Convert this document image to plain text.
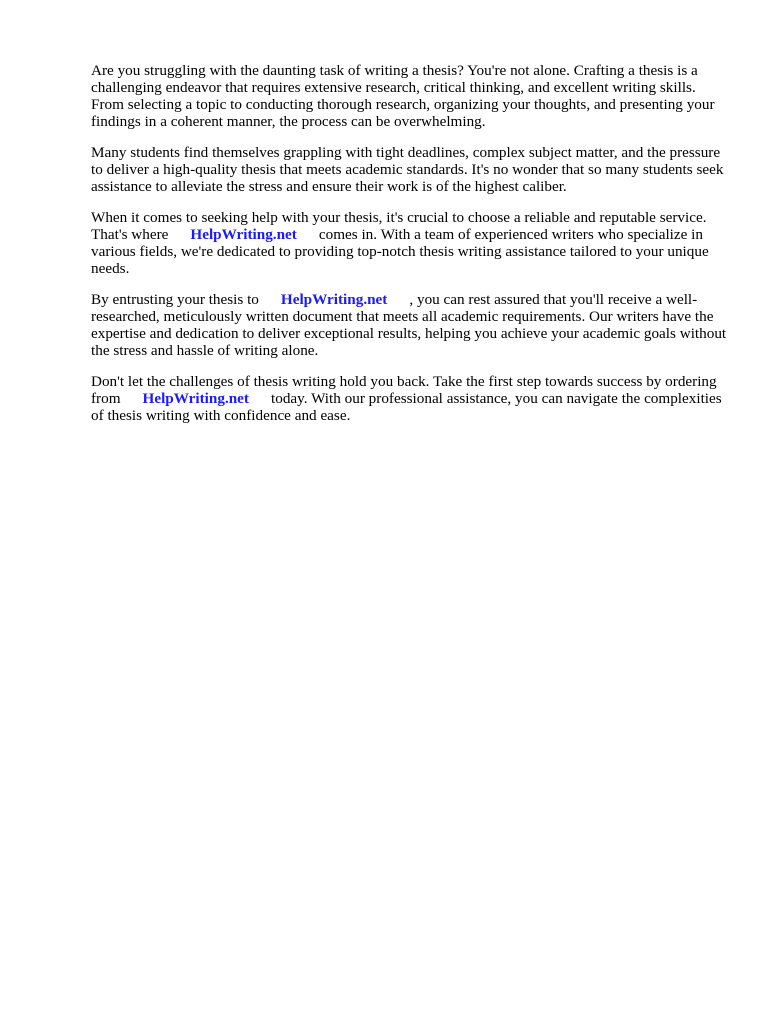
Are you struggling with the daunting task of writing a thesis? You're not alone. Crafting a thesis is a challenging endeavor that requires extensive research, critical thinking, and excellent writing skills. From selecting a topic to conducting thorough research, organizing your thoughts, and presenting your findings in a coherent manner, the process can be overwhelming.

Many students find themselves grappling with tight deadlines, complex subject matter, and the pressure to deliver a high-quality thesis that meets academic standards. It's no wonder that so many students seek assistance to alleviate the stress and ensure their work is of the highest caliber.

When it comes to seeking help with your thesis, it's crucial to choose a reliable and reputable service. That's where HelpWriting.net comes in. With a team of experienced writers who specialize in various fields, we're dedicated to providing top-notch thesis writing assistance tailored to your unique needs.

By entrusting your thesis to HelpWriting.net , you can rest assured that you'll receive a well-researched, meticulously written document that meets all academic requirements. Our writers have the expertise and dedication to deliver exceptional results, helping you achieve your academic goals without the stress and hassle of writing alone.

Don't let the challenges of thesis writing hold you back. Take the first step towards success by ordering from HelpWriting.net today. With our professional assistance, you can navigate the complexities of thesis writing with confidence and ease.
